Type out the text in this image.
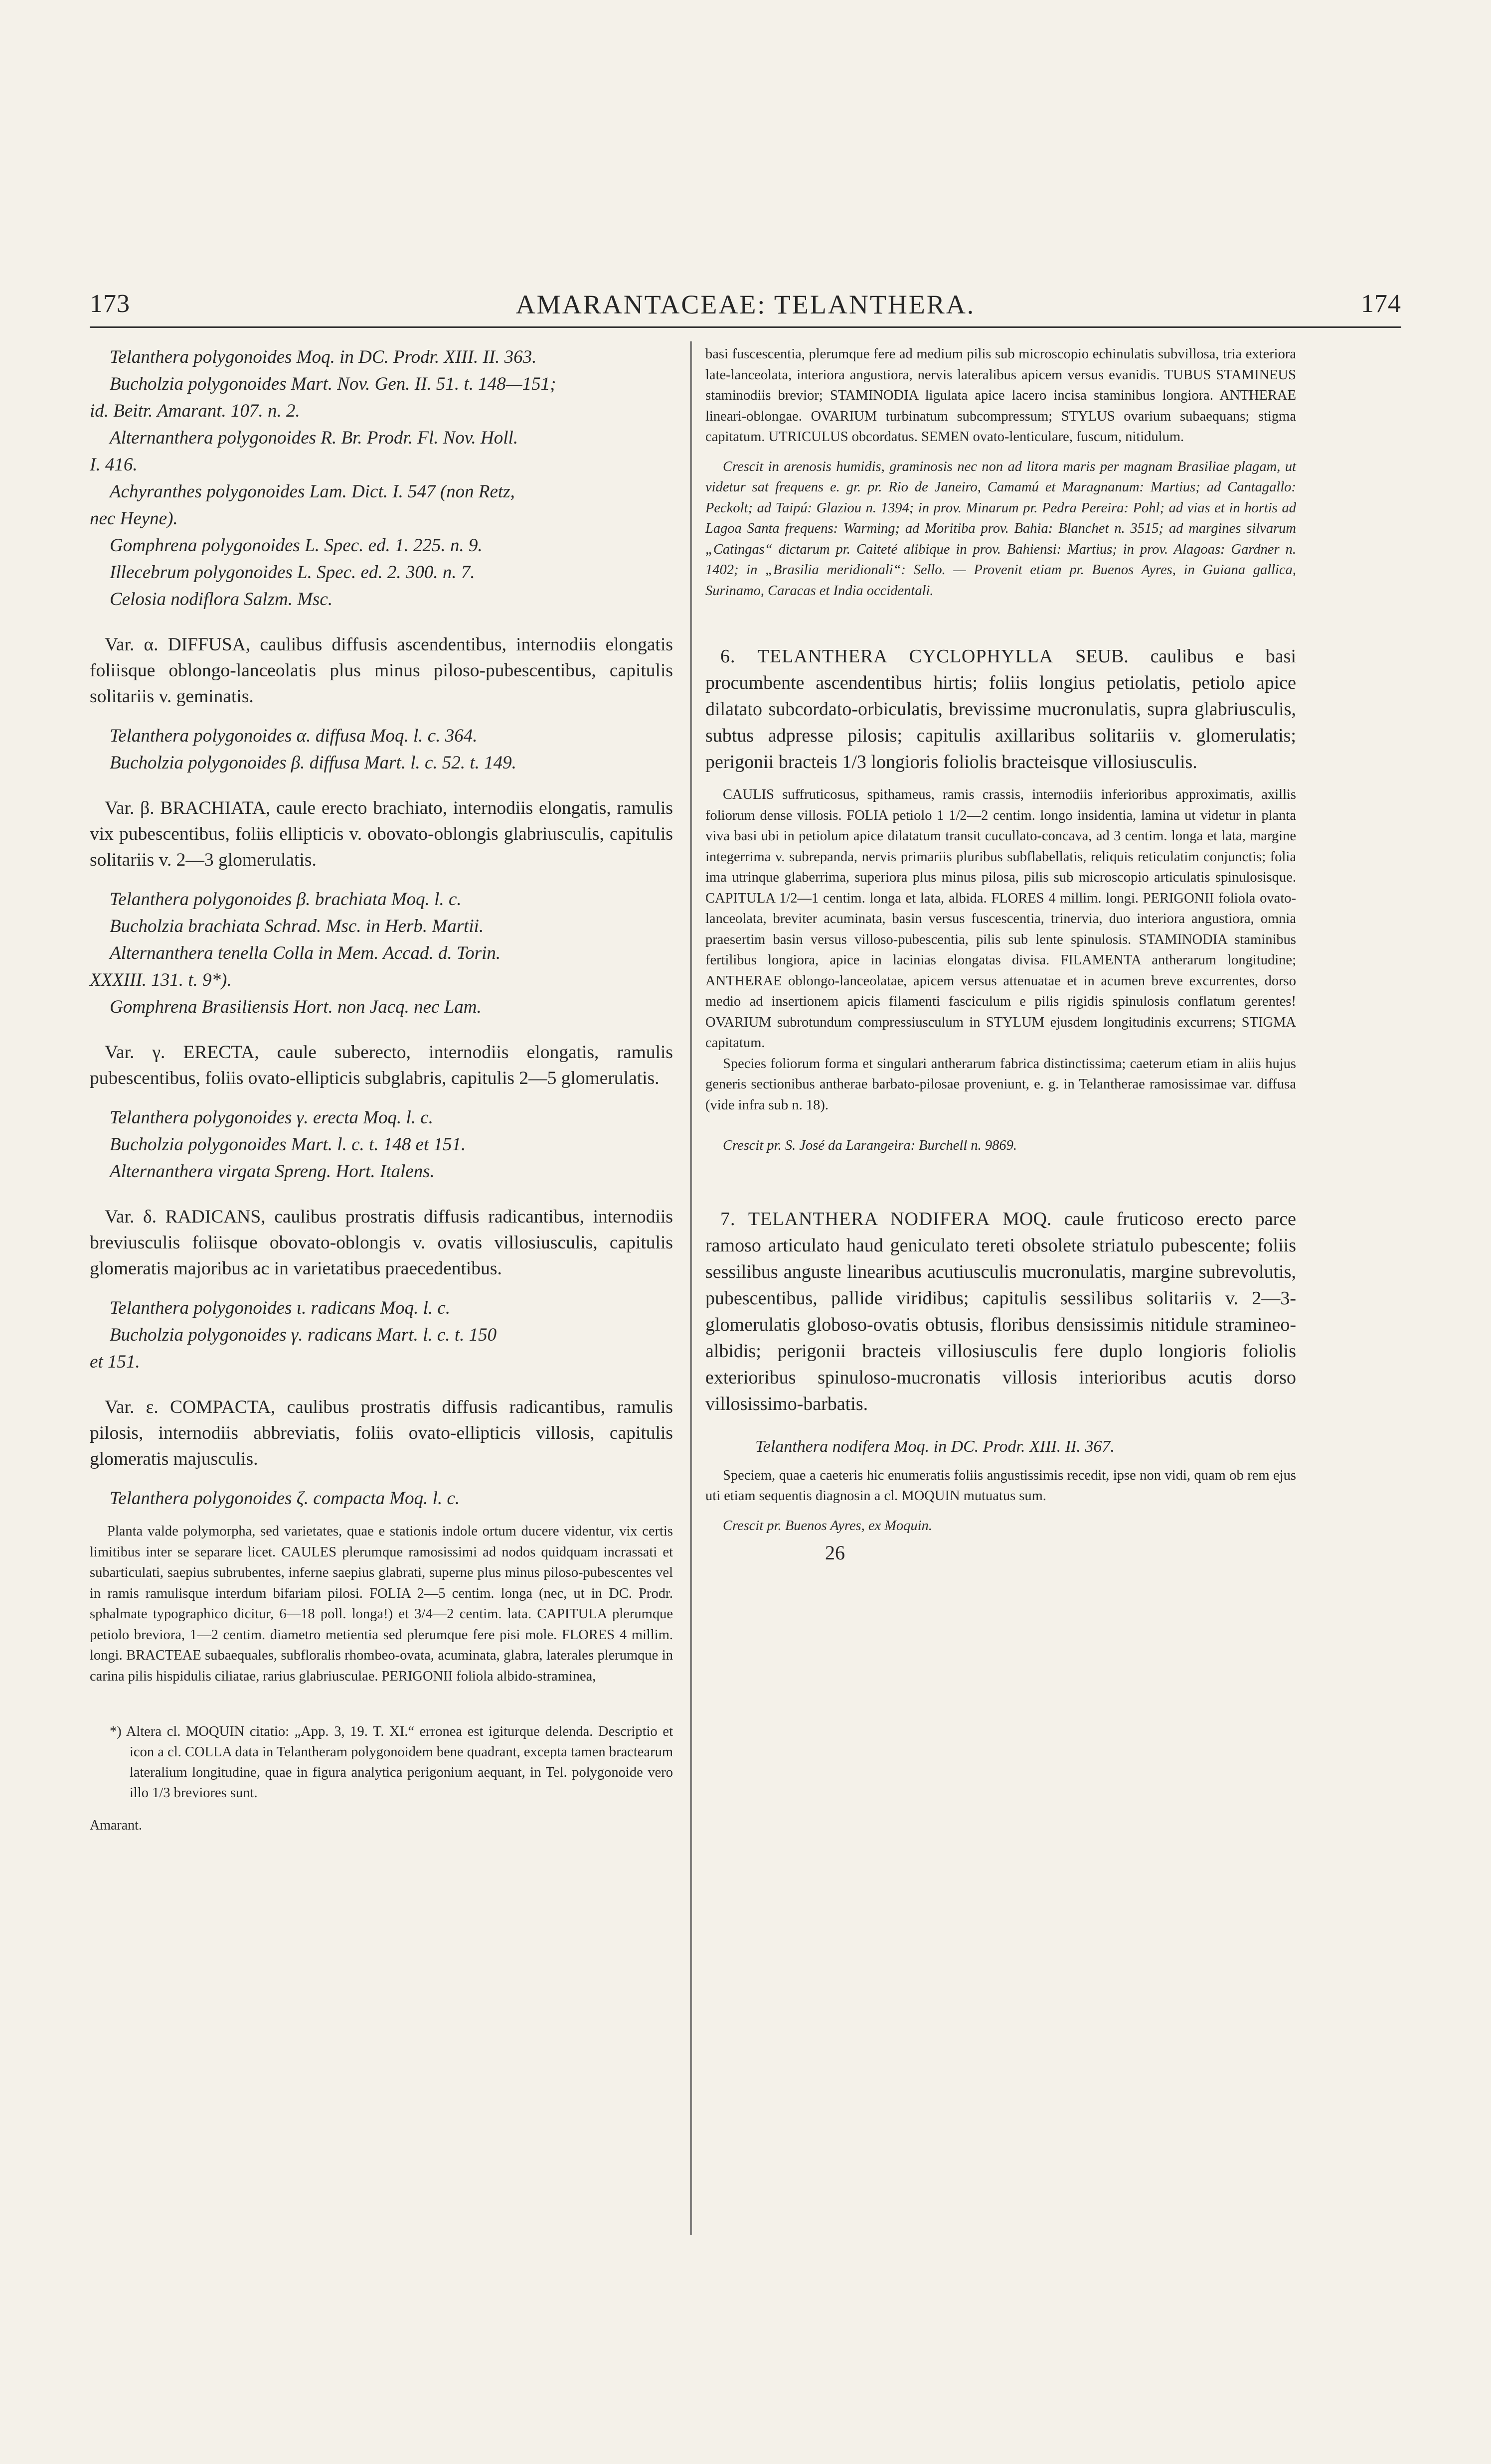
173	AMARANTACEAE: TELANTHERA.	174

Telanthera polygonoides Moq. in DC. Prodr. XIII. II. 363.

Bucholzia polygonoides Mart. Nov. Gen. II. 51. t. 148—151;

id. Beitr. Amarant. 107. n. 2.

Alternanthera polygonoides R. Br. Prodr. Fl. Nov. Holl.

I. 416.

Achyranthes polygonoides Lam. Dict. I. 547 (non Retz,

nec Heyne).

Gomphrena polygonoides L. Spec. ed. 1. 225. n. 9.

Illecebrum polygonoides L. Spec. ed. 2. 300. n. 7.

Celosia nodiflora Salzm. Msc.

Var. α. DIFFUSA, caulibus diffusis ascendentibus, internodiis elongatis foliisque oblongo-lanceolatis plus minus piloso-pubescentibus, capitulis solitariis v. geminatis.

Telanthera polygonoides α. diffusa Moq. l. c. 364.

Bucholzia polygonoides β. diffusa Mart. l. c. 52. t. 149.

Var. β. BRACHIATA, caule erecto brachiato, internodiis elongatis, ramulis vix pubescentibus, foliis ellipticis v. obovato-oblongis glabriusculis, capitulis solitariis v. 2—3 glomerulatis.

Telanthera polygonoides β. brachiata Moq. l. c.

Bucholzia brachiata Schrad. Msc. in Herb. Martii.

Alternanthera tenella Colla in Mem. Accad. d. Torin.

XXXIII. 131. t. 9*).

Gomphrena Brasiliensis Hort. non Jacq. nec Lam.

Var. γ. ERECTA, caule suberecto, internodiis elongatis, ramulis pubescentibus, foliis ovato-ellipticis subglabris, capitulis 2—5 glomerulatis.

Telanthera polygonoides γ. erecta Moq. l. c.

Bucholzia polygonoides Mart. l. c. t. 148 et 151.

Alternanthera virgata Spreng. Hort. Italens.

Var. δ. RADICANS, caulibus prostratis diffusis radicantibus, internodiis breviusculis foliisque obovato-oblongis v. ovatis villosiusculis, capitulis glomeratis majoribus ac in varietatibus praecedentibus.

Telanthera polygonoides ι. radicans Moq. l. c.

Bucholzia polygonoides γ. radicans Mart. l. c. t. 150

et 151.

Var. ε. COMPACTA, caulibus prostratis diffusis radicantibus, ramulis pilosis, internodiis abbreviatis, foliis ovato-ellipticis villosis, capitulis glomeratis majusculis.

Telanthera polygonoides ζ. compacta Moq. l. c.

Planta valde polymorpha, sed varietates, quae e stationis indole ortum ducere videntur, vix certis limitibus inter se separare licet. CAULES plerumque ramosissimi ad nodos quidquam incrassati et subarticulati, saepius subrubentes, inferne saepius glabrati, superne plus minus piloso-pubescentes vel in ramis ramulisque interdum bifariam pilosi. FOLIA 2—5 centim. longa (nec, ut in DC. Prodr. sphalmate typographico dicitur, 6—18 poll. longa!) et 3/4—2 centim. lata. CAPITULA plerumque petiolo breviora, 1—2 centim. diametro metientia sed plerumque fere pisi mole. FLORES 4 millim. longi. BRACTEAE subaequales, subfloralis rhombeo-ovata, acuminata, glabra, laterales plerumque in carina pilis hispidulis ciliatae, rarius glabriusculae. PERIGONII foliola albido-straminea,

*) Altera cl. MOQUIN citatio: „App. 3, 19. T. XI.“ erronea est igiturque delenda. Descriptio et icon a cl. COLLA data in Telantheram polygonoidem bene quadrant, excepta tamen bractearum lateralium longitudine, quae in figura analytica perigonium aequant, in Tel. polygonoide vero illo 1/3 breviores sunt.

Amarant.

basi fuscescentia, plerumque fere ad medium pilis sub microscopio echinulatis subvillosa, tria exteriora late-lanceolata, interiora angustiora, nervis lateralibus apicem versus evanidis. TUBUS STAMINEUS staminodiis brevior; STAMINODIA ligulata apice lacero incisa staminibus longiora. ANTHERAE lineari-oblongae. OVARIUM turbinatum subcompressum; STYLUS ovarium subaequans; stigma capitatum. UTRICULUS obcordatus. SEMEN ovato-lenticulare, fuscum, nitidulum.

Crescit in arenosis humidis, graminosis nec non ad litora maris per magnam Brasiliae plagam, ut videtur sat frequens e. gr. pr. Rio de Janeiro, Camamú et Maragnanum: Martius; ad Cantagallo: Peckolt; ad Taipú: Glaziou n. 1394; in prov. Minarum pr. Pedra Pereira: Pohl; ad vias et in hortis ad Lagoa Santa frequens: Warming; ad Moritiba prov. Bahia: Blanchet n. 3515; ad margines silvarum „Catingas“ dictarum pr. Caiteté alibique in prov. Bahiensi: Martius; in prov. Alagoas: Gardner n. 1402; in „Brasilia meridionali“: Sello. — Provenit etiam pr. Buenos Ayres, in Guiana gallica, Surinamo, Caracas et India occidentali.

6. TELANTHERA CYCLOPHYLLA SEUB. caulibus e basi procumbente ascendentibus hirtis; foliis longius petiolatis, petiolo apice dilatato subcordato-orbiculatis, brevissime mucronulatis, supra glabriusculis, subtus adpresse pilosis; capitulis axillaribus solitariis v. glomerulatis; perigonii bracteis 1/3 longioris foliolis bracteisque villosiusculis.

CAULIS suffruticosus, spithameus, ramis crassis, internodiis inferioribus approximatis, axillis foliorum dense villosis. FOLIA petiolo 1 1/2—2 centim. longo insidentia, lamina ut videtur in planta viva basi ubi in petiolum apice dilatatum transit cucullato-concava, ad 3 centim. longa et lata, margine integerrima v. subrepanda, nervis primariis pluribus subflabellatis, reliquis reticulatim conjunctis; folia ima utrinque glaberrima, superiora plus minus pilosa, pilis sub microscopio articulatis spinulosisque. CAPITULA 1/2—1 centim. longa et lata, albida. FLORES 4 millim. longi. PERIGONII foliola ovato-lanceolata, breviter acuminata, basin versus fuscescentia, trinervia, duo interiora angustiora, omnia praesertim basin versus villoso-pubescentia, pilis sub lente spinulosis. STAMINODIA staminibus fertilibus longiora, apice in lacinias elongatas divisa. FILAMENTA antherarum longitudine; ANTHERAE oblongo-lanceolatae, apicem versus attenuatae et in acumen breve excurrentes, dorso medio ad insertionem apicis filamenti fasciculum e pilis rigidis spinulosis conflatum gerentes! OVARIUM subrotundum compressiusculum in STYLUM ejusdem longitudinis excurrens; STIGMA capitatum.

Species foliorum forma et singulari antherarum fabrica distinctissima; caeterum etiam in aliis hujus generis sectionibus antherae barbato-pilosae proveniunt, e. g. in Telantherae ramosissimae var. diffusa (vide infra sub n. 18).

Crescit pr. S. José da Larangeira: Burchell n. 9869.

7. TELANTHERA NODIFERA MOQ. caule fruticoso erecto parce ramoso articulato haud geniculato tereti obsolete striatulo pubescente; foliis sessilibus anguste linearibus acutiusculis mucronulatis, margine subrevolutis, pubescentibus, pallide viridibus; capitulis sessilibus solitariis v. 2—3-glomerulatis globoso-ovatis obtusis, floribus densissimis nitidule stramineo-albidis; perigonii bracteis villosiusculis fere duplo longioris foliolis exterioribus spinuloso-mucronatis villosis interioribus acutis dorso villosissimo-barbatis.

Telanthera nodifera Moq. in DC. Prodr. XIII. II. 367.

Speciem, quae a caeteris hic enumeratis foliis angustissimis recedit, ipse non vidi, quam ob rem ejus uti etiam sequentis diagnosin a cl. MOQUIN mutuatus sum.

Crescit pr. Buenos Ayres, ex Moquin.

26
